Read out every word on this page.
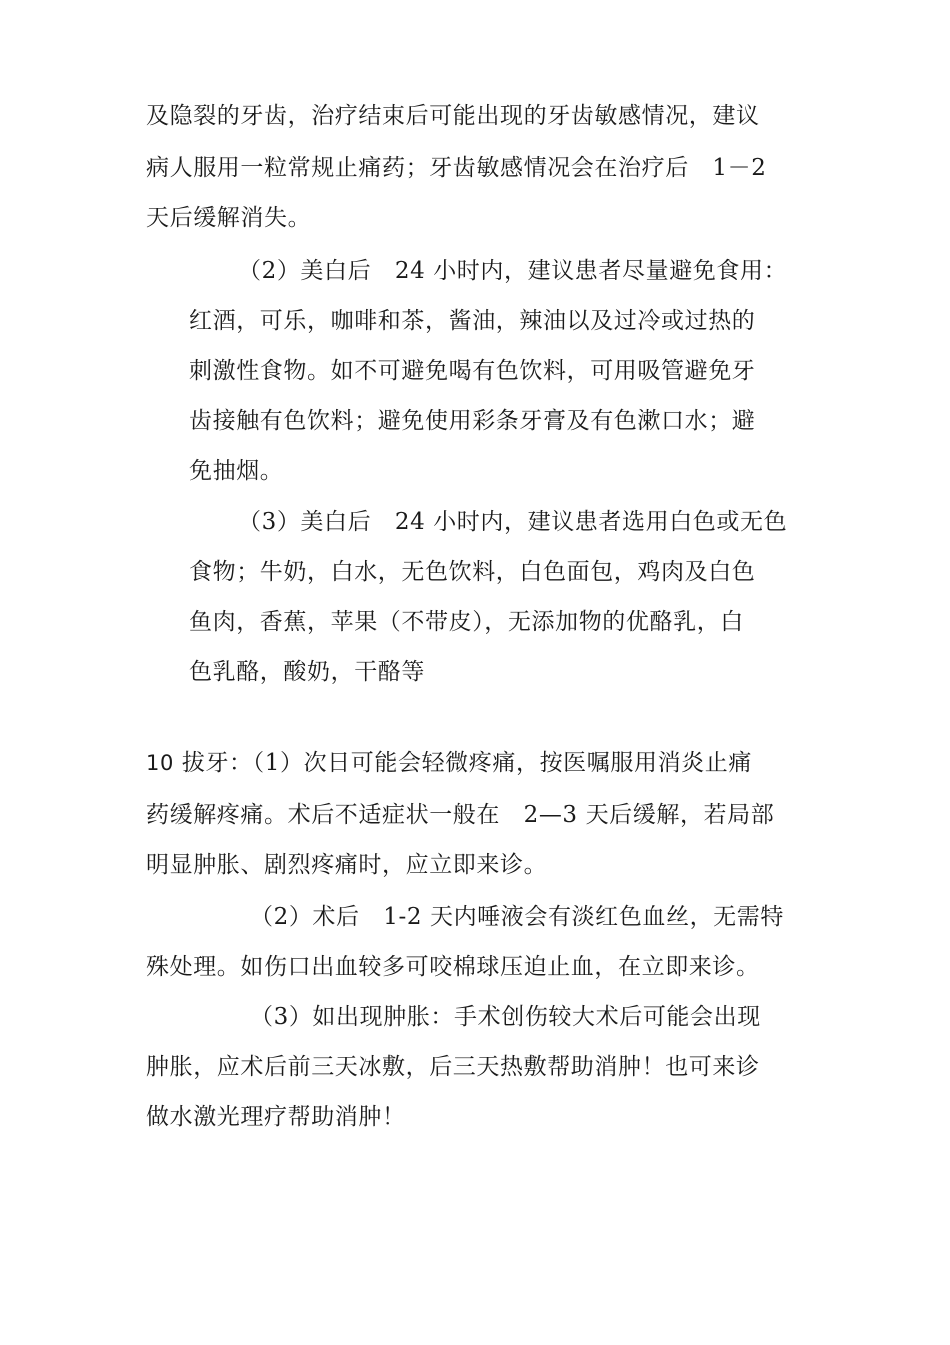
及隐裂的牙齿，治疗结束后可能出现的牙齿敏感情况，建议
病人服用一粒常规止痛药；牙齿敏感情况会在治疗后　1－2
天后缓解消失。
（2）美白后　24 小时内，建议患者尽量避免食用：
红酒，可乐，咖啡和茶，酱油，辣油以及过冷或过热的
刺激性食物。如不可避免喝有色饮料，可用吸管避免牙
齿接触有色饮料；避免使用彩条牙膏及有色漱口水；避
免抽烟。
（3）美白后　24 小时内，建议患者选用白色或无色
食物；牛奶，白水，无色饮料，白色面包，鸡肉及白色
鱼肉，香蕉，苹果（不带皮），无添加物的优酪乳，白
色乳酪，酸奶，干酪等
10 拔牙：（1）次日可能会轻微疼痛，按医嘱服用消炎止痛
药缓解疼痛。术后不适症状一般在　2—3 天后缓解，若局部
明显肿胀、剧烈疼痛时，应立即来诊。
（2）术后　1-2 天内唾液会有淡红色血丝，无需特
殊处理。如伤口出血较多可咬棉球压迫止血，在立即来诊。
（3）如出现肿胀：手术创伤较大术后可能会出现
肿胀，应术后前三天冰敷，后三天热敷帮助消肿！也可来诊
做水激光理疗帮助消肿！
